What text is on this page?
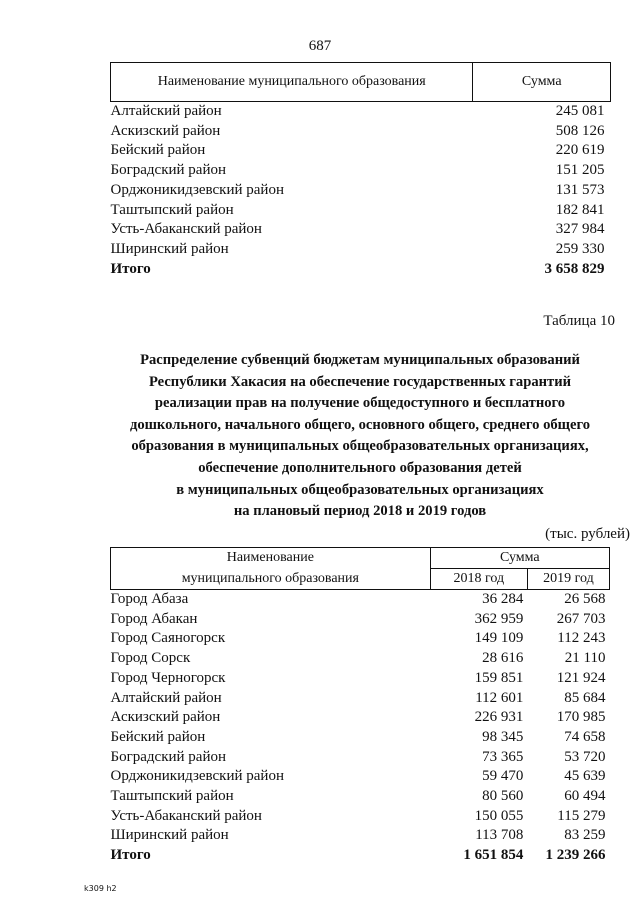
687
Наименование муниципального образования	Сумма
Алтайский район	245 081
Аскизский район	508 126
Бейский район	220 619
Боградский район	151 205
Орджоникидзевский район	131 573
Таштыпский район	182 841
Усть-Абаканский район	327 984
Ширинский район	259 330
Итого	3 658 829
Таблица 10
Распределение субвенций бюджетам муниципальных образований
Республики Хакасия на обеспечение государственных гарантий
реализации прав на получение общедоступного и бесплатного
дошкольного, начального общего, основного общего, среднего общего
образования в муниципальных общеобразовательных организациях,
обеспечение дополнительного образования детей
в муниципальных общеобразовательных организациях
на плановый период 2018 и 2019 годов
(тыс. рублей)
Наименование	Сумма	
муниципального образования	2018 год	2019 год
Город Абаза	36 284	26 568
Город Абакан	362 959	267 703
Город Саяногорск	149 109	112 243
Город Сорск	28 616	21 110
Город Черногорск	159 851	121 924
Алтайский район	112 601	85 684
Аскизский район	226 931	170 985
Бейский район	98 345	74 658
Боградский район	73 365	53 720
Орджоникидзевский район	59 470	45 639
Таштыпский район	80 560	60 494
Усть-Абаканский район	150 055	115 279
Ширинский район	113 708	83 259
Итого	1 651 854	1 239 266
k309 h2
